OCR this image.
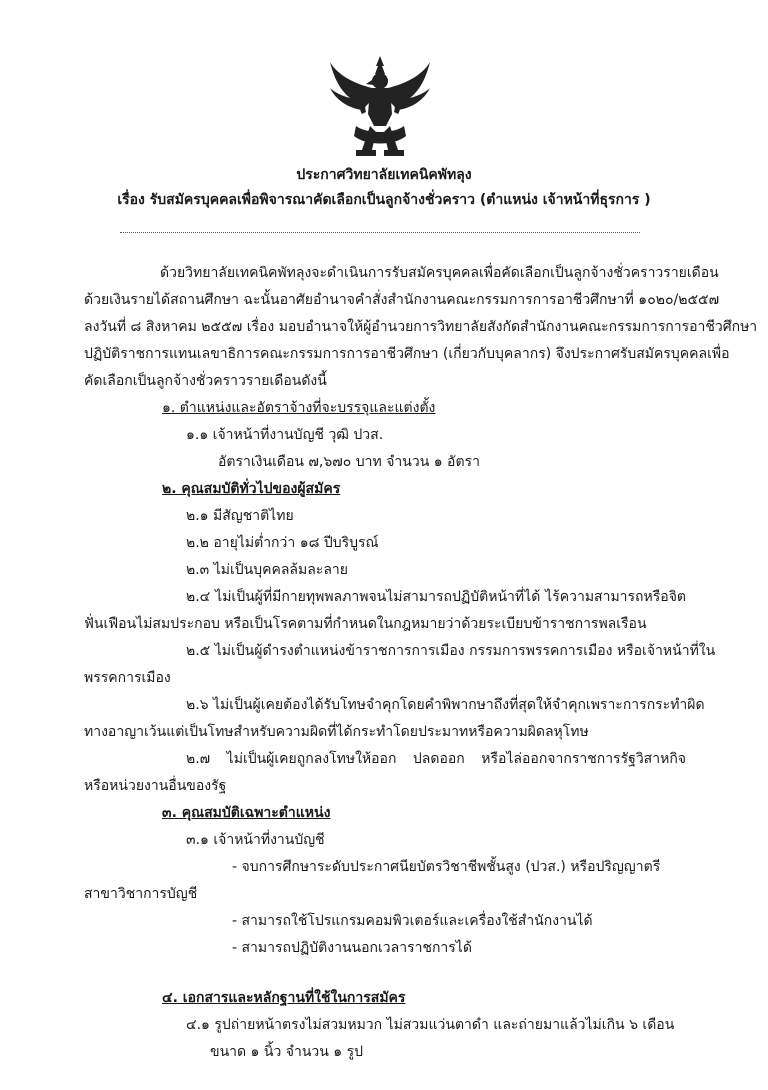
ประกาศวิทยาลัยเทคนิคพัทลุง
เรื่อง รับสมัครบุคคลเพื่อพิจารณาคัดเลือกเป็นลูกจ้างชั่วคราว (ตำแหน่ง เจ้าหน้าที่ธุรการ )
ด้วยวิทยาลัยเทคนิคพัทลุงจะดำเนินการรับสมัครบุคคลเพื่อคัดเลือกเป็นลูกจ้างชั่วคราวรายเดือน
ด้วยเงินรายได้สถานศึกษา ฉะนั้นอาศัยอำนาจคำสั่งสำนักงานคณะกรรมการการอาชีวศึกษาที่ ๑๐๒๐/๒๕๕๗
ลงวันที่ ๘ สิงหาคม ๒๕๕๗ เรื่อง มอบอำนาจให้ผู้อำนวยการวิทยาลัยสังกัดสำนักงานคณะกรรมการการอาชีวศึกษา
ปฏิบัติราชการแทนเลขาธิการคณะกรรมการการอาชีวศึกษา (เกี่ยวกับบุคลากร) จึงประกาศรับสมัครบุคคลเพื่อ
คัดเลือกเป็นลูกจ้างชั่วคราวรายเดือนดังนี้
๑. ตำแหน่งและอัตราจ้างที่จะบรรจุและแต่งตั้ง
๑.๑ เจ้าหน้าที่งานบัญชี วุฒิ ปวส.
อัตราเงินเดือน ๗,๖๗๐ บาท จำนวน ๑ อัตรา
๒. คุณสมบัติทั่วไปของผู้สมัคร
๒.๑ มีสัญชาติไทย
๒.๒ อายุไม่ต่ำกว่า ๑๘ ปีบริบูรณ์
๒.๓ ไม่เป็นบุคคลล้มละลาย
๒.๔ ไม่เป็นผู้ที่มีกายทุพพลภาพจนไม่สามารถปฏิบัติหน้าที่ได้ ไร้ความสามารถหรือจิต
ฟั่นเฟือนไม่สมประกอบ หรือเป็นโรคตามที่กำหนดในกฎหมายว่าด้วยระเบียบข้าราชการพลเรือน
๒.๕ ไม่เป็นผู้ดำรงตำแหน่งข้าราชการการเมือง กรรมการพรรคการเมือง หรือเจ้าหน้าที่ใน
พรรคการเมือง
๒.๖ ไม่เป็นผู้เคยต้องได้รับโทษจำคุกโดยคำพิพากษาถึงที่สุดให้จำคุกเพราะการกระทำผิด
ทางอาญาเว้นแต่เป็นโทษสำหรับความผิดที่ได้กระทำโดยประมาทหรือความผิดลหุโทษ
๒.๗ ไม่เป็นผู้เคยถูกลงโทษให้ออก ปลดออก หรือไล่ออกจากราชการรัฐวิสาหกิจ
หรือหน่วยงานอื่นของรัฐ
๓. คุณสมบัติเฉพาะตำแหน่ง
๓.๑ เจ้าหน้าที่งานบัญชี
- จบการศึกษาระดับประกาศนียบัตรวิชาชีพชั้นสูง (ปวส.) หรือปริญญาตรี
สาขาวิชาการบัญชี
- สามารถใช้โปรแกรมคอมพิวเตอร์และเครื่องใช้สำนักงานได้
- สามารถปฏิบัติงานนอกเวลาราชการได้
๔. เอกสารและหลักฐานที่ใช้ในการสมัคร
๔.๑ รูปถ่ายหน้าตรงไม่สวมหมวก ไม่สวมแว่นตาดำ และถ่ายมาแล้วไม่เกิน ๖ เดือน
ขนาด ๑ นิ้ว จำนวน ๑ รูป
